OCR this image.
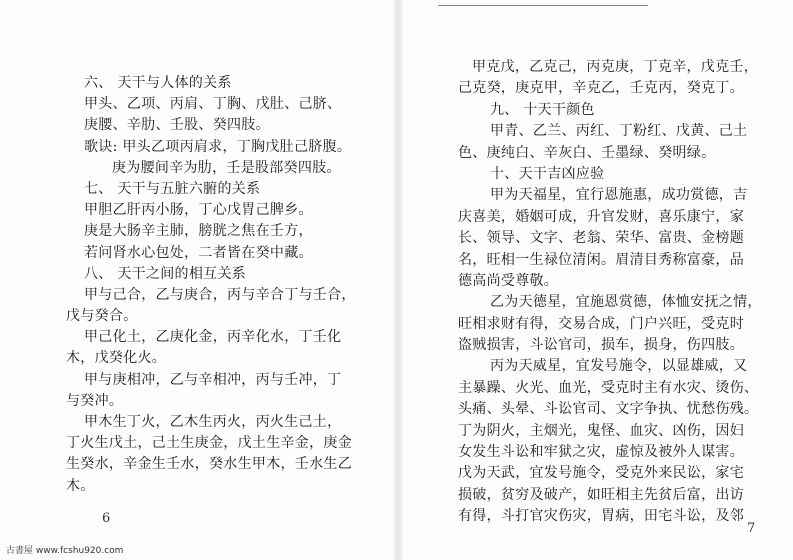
六、 天干与人体的关系
甲头、乙项、丙肩、丁胸、戊肚、己脐、
庚腰、辛肋、壬股、癸四肢。
歌诀: 甲头乙项丙肩求，丁胸戊肚己脐腹。
庚为腰间辛为肋，壬是股部癸四肢。
七、 天干与五脏六腑的关系
甲胆乙肝丙小肠，丁心戊胃己脾乡。
庚是大肠辛主肺，膀胱之焦在壬方，
若问肾水心包处，二者皆在癸中藏。
八、 天干之间的相互关系
甲与己合，乙与庚合，丙与辛合丁与壬合，
戊与癸合。
甲己化土，乙庚化金，丙辛化水，丁壬化
木，戊癸化火。
甲与庚相冲，乙与辛相冲，丙与壬冲，丁
与癸冲。
甲木生丁火，乙木生丙火，丙火生己土，
丁火生戊土，己土生庚金，戊土生辛金，庚金
生癸水，辛金生壬水，癸水生甲木，壬水生乙
木。
甲克戊，乙克己，丙克庚，丁克辛，戊克壬，
己克癸，庚克甲，辛克乙，壬克丙，癸克丁。
九、 十天干颜色
甲青、乙兰、丙红、丁粉红、戊黄、己土
色、庚纯白、辛灰白、壬墨绿、癸明绿。
十、天干吉凶应验
甲为天福星，宜行恩施惠，成功赏德，吉
庆喜美，婚姻可成，升官发财，喜乐康宁，家
长、领导、文字、老翁、荣华、富贵、金榜题
名，旺相一生禄位清闲。眉清目秀称富豪，品
德高尚受尊敬。
乙为天德星，宜施恩赏德，体恤安抚之情，
旺相求财有得，交易合成，门户兴旺，受克时
盗贼损害，斗讼官司，损车，损身，伤四肢。
丙为天威星，宜发号施令，以显雄威，又
主暴躁、火光、血光，受克时主有水灾、烫伤、
头痛、头晕、斗讼官司、文字争执、忧愁伤残。
丁为阴火，主烟光，鬼怪、血灾、凶伤，因妇
女发生斗讼和牢狱之灾，虚惊及被外人谋害。
戊为天武，宜发号施令，受克外来民讼，家宅
损破，贫穷及破产，如旺相主先贫后富，出访
有得，斗打官灾伤灾，胃病，田宅斗讼，及邻
6
7
古書屋 www.fcshu920.com
